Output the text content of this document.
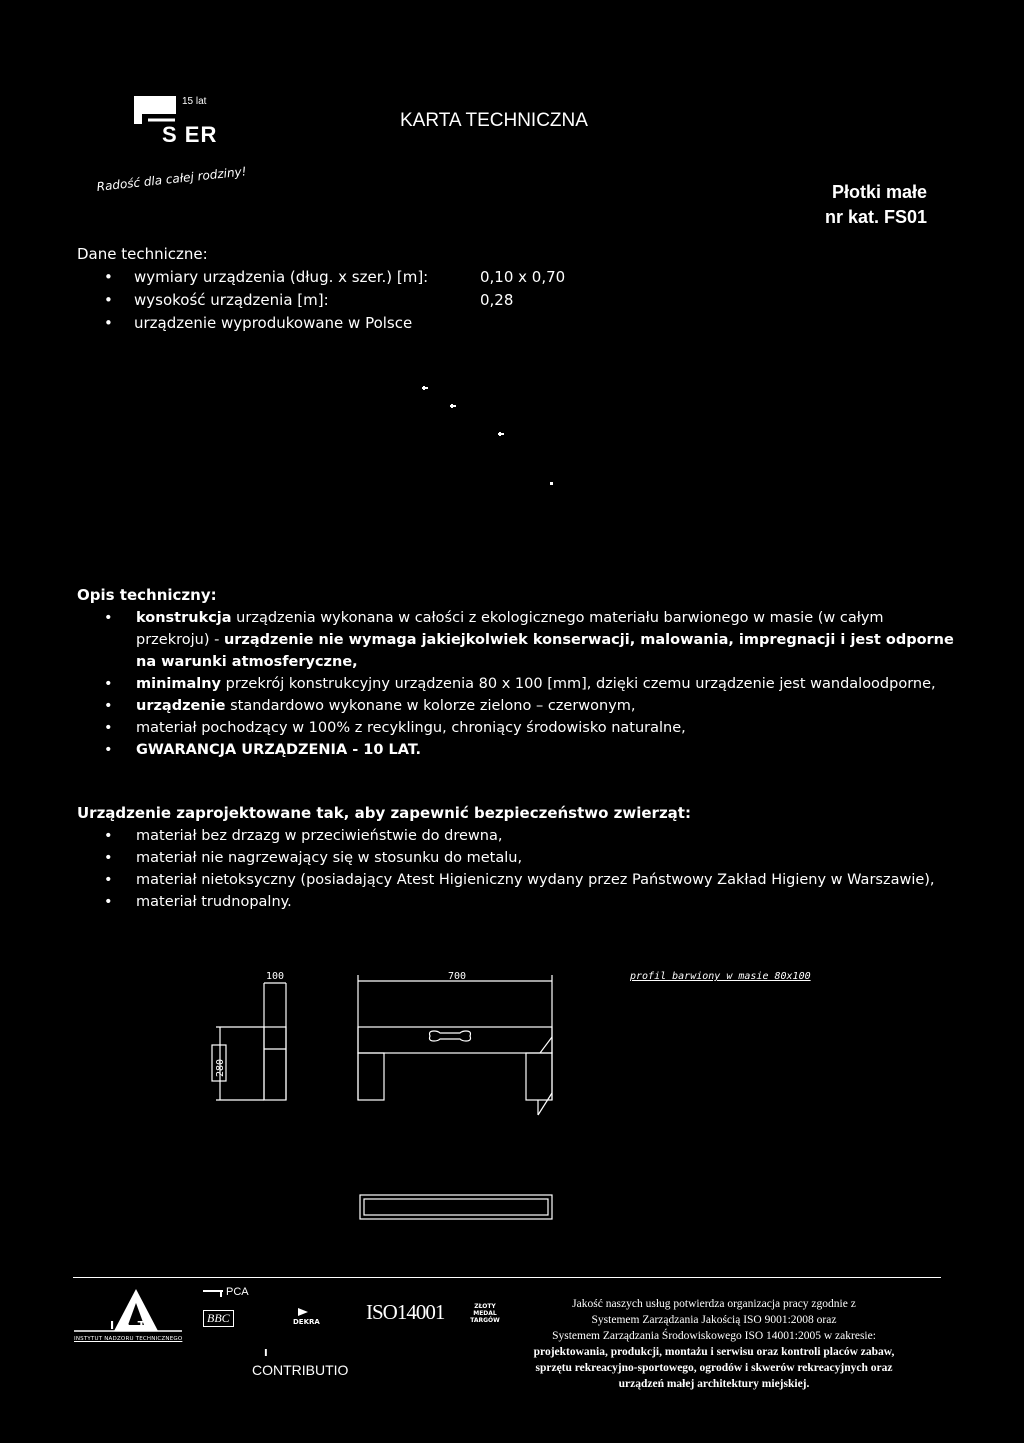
15 lat
S ER
Radość dla całej rodziny!
KARTA TECHNICZNA
Płotki małe
nr kat. FS01
Dane techniczne:
• wymiary urządzenia (dług. x szer.) [m]:	0,10 x 0,70
• wysokość urządzenia [m]:	0,28
• urządzenie wyprodukowane w Polsce
Opis techniczny:
• konstrukcja urządzenia wykonana w całości z ekologicznego materiału barwionego w masie (w całym przekroju) - urządzenie nie wymaga jakiejkolwiek konserwacji, malowania, impregnacji i jest odporne na warunki atmosferyczne,
• minimalny przekrój konstrukcyjny urządzenia 80 x 100 [mm], dzięki czemu urządzenie jest wandaloodporne,
• urządzenie standardowo wykonane w kolorze zielono – czerwonym,
• materiał pochodzący w 100% z recyklingu, chroniący środowisko naturalne,
• GWARANCJA URZĄDZENIA - 10 LAT.
Urządzenie zaprojektowane tak, aby zapewnić bezpieczeństwo zwierząt:
• materiał bez drzazg w przeciwieństwie do drewna,
• materiał nie nagrzewający się w stosunku do metalu,
• materiał nietoksyczny (posiadający Atest Higieniczny wydany przez Państwowy Zakład Higieny w Warszawie),
• materiał trudnopalny.
100
280
700	profil barwiony w masie 80x100
I n T
INSTYTUT NADZORU TECHNICZNEGO
PCA
BBC	DEKRA
I
CONTRIBUTIO
ISO14001	ZŁOTY MEDAL TARGÓW
Jakość naszych usług potwierdza organizacja pracy zgodnie z
Systemem Zarządzania Jakością ISO 9001:2008 oraz
Systemem Zarządzania Środowiskowego ISO 14001:2005 w zakresie:
projektowania, produkcji, montażu i serwisu oraz kontroli placów zabaw,
sprzętu rekreacyjno-sportowego, ogrodów i skwerów rekreacyjnych oraz
urządzeń małej architektury miejskiej.
